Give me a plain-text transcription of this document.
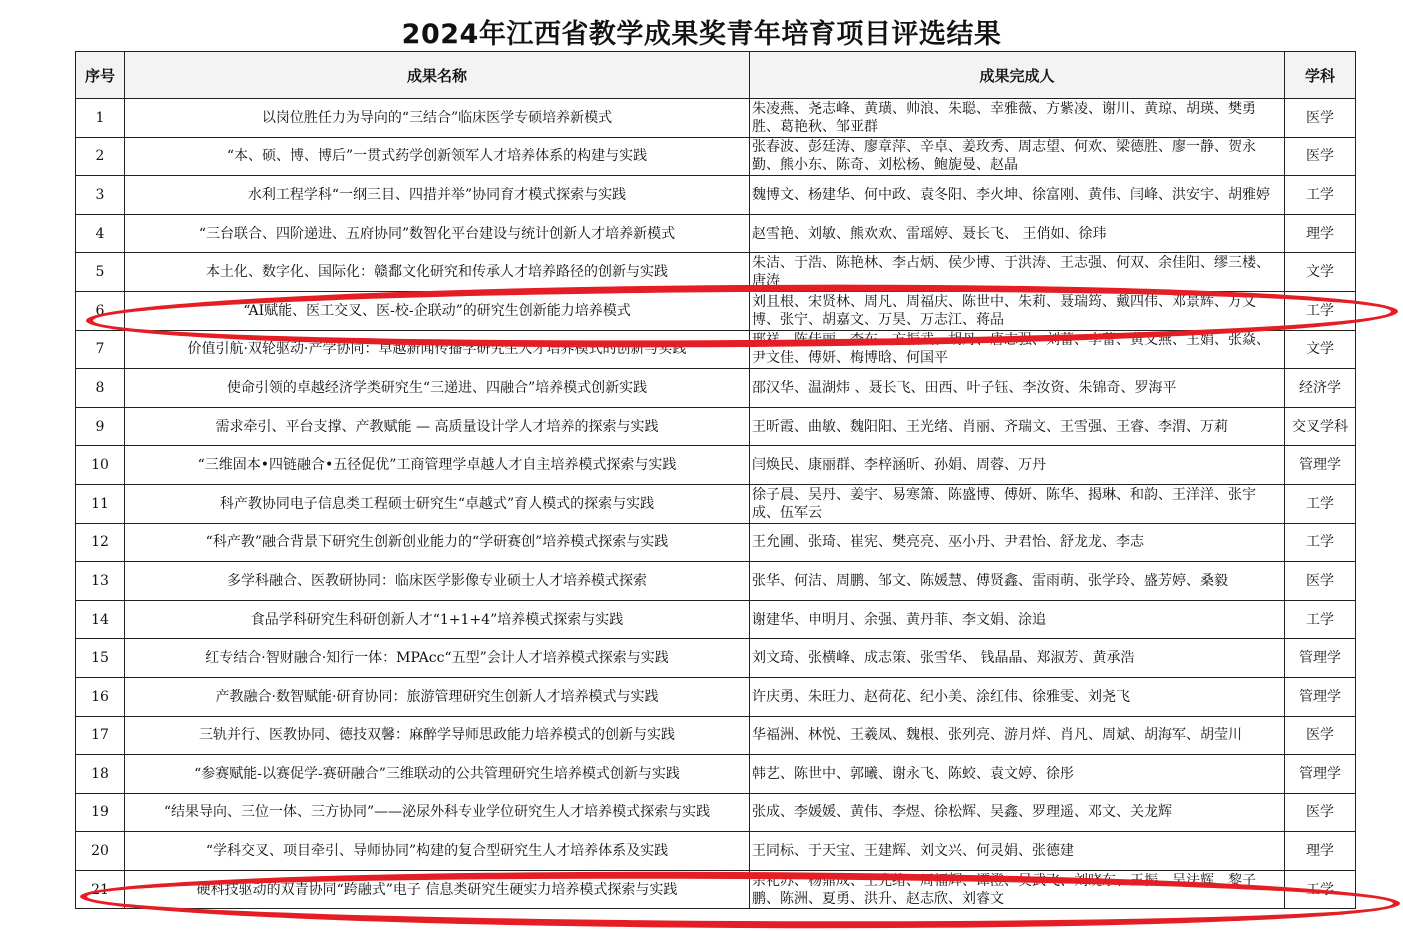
2024年江西省教学成果奖青年培育项目评选结果
序号	成果名称	成果完成人	学科
1	以岗位胜任力为导向的“三结合”临床医学专硕培养新模式	朱凌燕、尧志峰、黄璜、帅浪、朱聪、幸雅薇、方紫凌、谢川、黄琼、胡瑛、樊勇胜、葛艳秋、邹亚群	医学
2	“本、硕、博、博后”一贯式药学创新领军人才培养体系的构建与实践	张春波、彭廷涛、廖章萍、辛卓、姜玫秀、周志望、何欢、梁德胜、廖一静、贺永勤、熊小东、陈奇、刘松杨、鲍旎曼、赵晶	医学
3	水利工程学科“一纲三目、四措并举”协同育才模式探索与实践	魏博文、杨建华、何中政、袁冬阳、李火坤、徐富刚、黄伟、闫峰、洪安宇、胡雅婷	工学
4	“三台联合、四阶递进、五府协同”数智化平台建设与统计创新人才培养新模式	赵雪艳、刘敏、熊欢欢、雷瑶婷、聂长飞、 王俏如、徐玮	理学
5	本土化、数字化、国际化：赣鄱文化研究和传承人才培养路径的创新与实践	朱洁、于浩、陈艳林、李占炳、侯少博、于洪涛、王志强、何双、余佳阳、缪三楼、唐涛	文学
6	“AI赋能、医工交叉、医-校-企联动”的研究生创新能力培养模式	刘且根、宋贤林、周凡、周福庆、陈世中、朱莉、聂瑞筠、戴四伟、邓景辉、万文博、张宁、胡嘉文、万昊、万志江、蒋品	工学
7	价值引航·双轮驱动·产学协同：卓越新闻传播学研究生人才培养模式的创新与实践	邢祥、陈佳丽、李东、方振武、胡丹、唐志强、刘蕾、李蕾、黄文燕、王娟、张焱、尹文佳、傅妍、梅博晗、何国平	文学
8	使命引领的卓越经济学类研究生“三递进、四融合”培养模式创新实践	邵汉华、温湖炜 、聂长飞、田西、叶子钰、李汝资、朱锦奇、罗海平	经济学
9	需求牵引、平台支撑、产教赋能 — 高质量设计学人才培养的探索与实践	王昕霞、曲敏、魏阳阳、王光绪、肖丽、齐瑞文、王雪强、王睿、李渭、万莉	交叉学科
10	“三维固本•四链融合•五径促优”工商管理学卓越人才自主培养模式探索与实践	闫焕民、康丽群、李梓涵昕、孙娟、周蓉、万丹	管理学
11	科产教协同电子信息类工程硕士研究生“卓越式”育人模式的探索与实践	徐子晨、吴丹、姜宇、易寒箫、陈盛博、傅妍、陈华、揭琳、和韵、王洋洋、张宇成、伍军云	工学
12	“科产教”融合背景下研究生创新创业能力的“学研赛创”培养模式探索与实践	王允圃、张琦、崔宪、樊亮亮、巫小丹、尹君怡、舒龙龙、李志	工学
13	多学科融合、医教研协同：临床医学影像专业硕士人才培养模式探索	张华、何洁、周鹏、邹文、陈媛慧、傅贤鑫、雷雨萌、张学玲、盛芳婷、桑毅	医学
14	食品学科研究生科研创新人才“1+1+4”培养模式探索与实践	谢建华、申明月、余强、黄丹菲、李文娟、涂追	工学
15	红专结合·智财融合·知行一体：MPAcc“五型”会计人才培养模式探索与实践	刘文琦、张横峰、成志策、张雪华、 钱晶晶、郑淑芳、黄承浩	管理学
16	产教融合·数智赋能·研育协同：旅游管理研究生创新人才培养模式与实践	许庆勇、朱旺力、赵荷花、纪小美、涂红伟、徐雅雯、刘尧飞	管理学
17	三轨并行、医教协同、德技双馨：麻醉学导师思政能力培养模式的创新与实践	华福洲、林悦、王羲凤、魏根、张列亮、游月烊、肖凡、周斌、胡海军、胡莹川	医学
18	“参赛赋能-以赛促学-赛研融合”三维联动的公共管理研究生培养模式创新与实践	韩艺、陈世中、郭曦、谢永飞、陈蛟、袁文婷、徐彤	管理学
19	“结果导向、三位一体、三方协同”——泌尿外科专业学位研究生人才培养模式探索与实践	张成、李媛媛、黄伟、李煜、徐松辉、吴鑫、罗理遥、邓文、关龙辉	医学
20	“学科交叉、项目牵引、导师协同”构建的复合型研究生人才培养体系及实践	王同标、于天宝、王建辉、刘文兴、何灵娟、张德建	理学
21	硬科技驱动的双青协同“跨融式”电子 信息类研究生硬实力培养模式探索与实践	余礼苏、杨鼎成、王光绪、周福辉、谭澄、吴武飞、刘晓东、王振、吴法辉、黎子鹏、陈洲、夏勇、洪升、赵志欣、刘睿文	工学
